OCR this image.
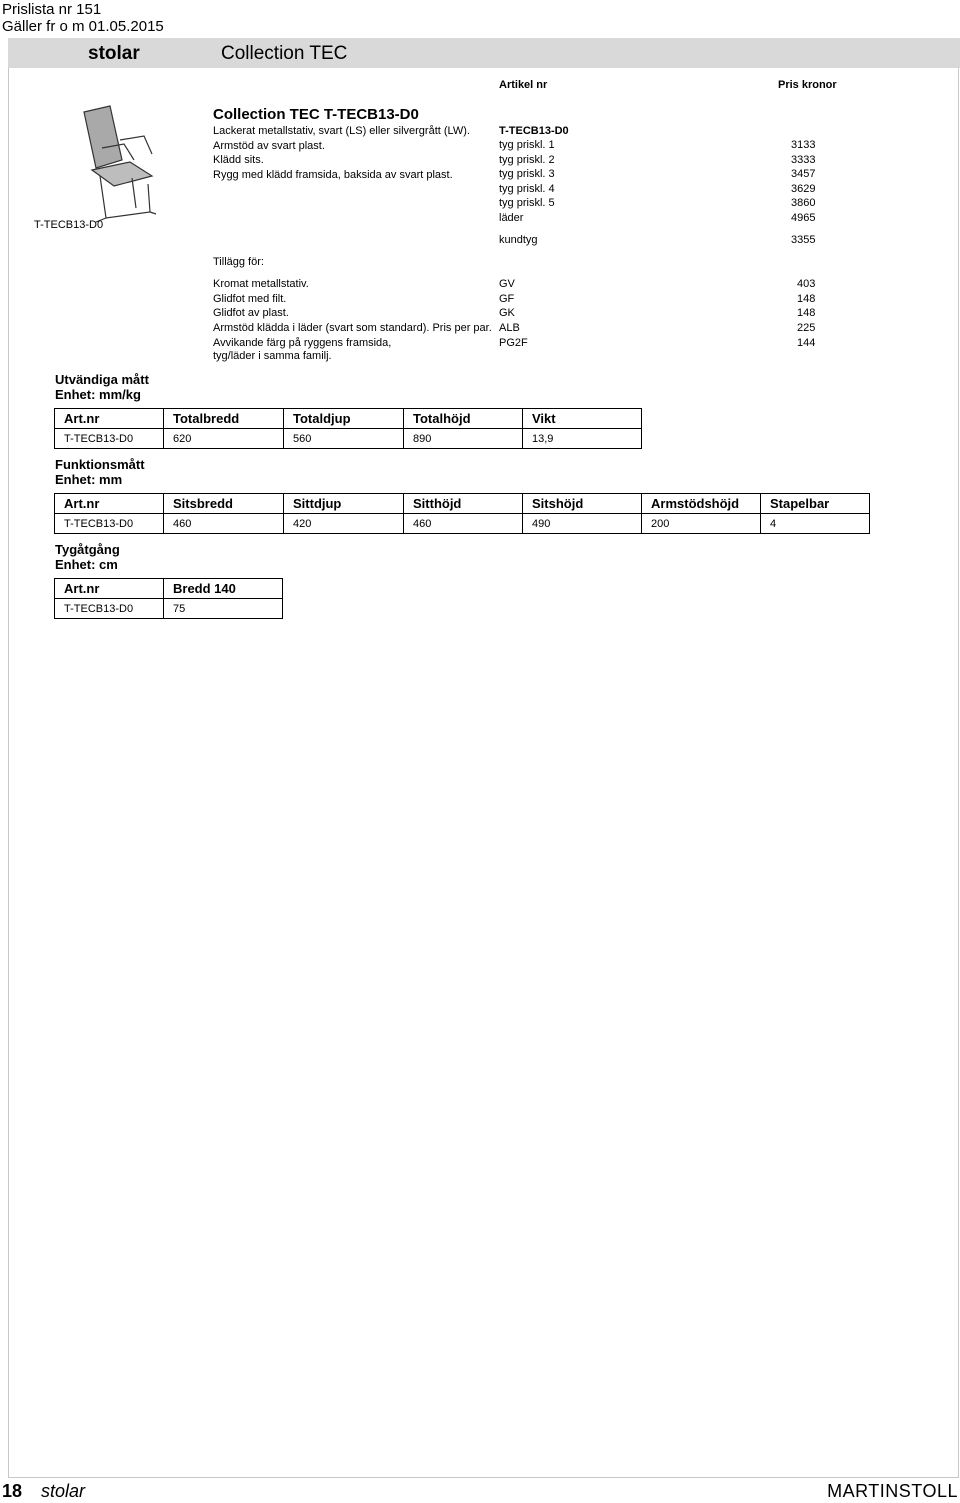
Prislista nr 151
Gäller fr o m 01.05.2015
stolar	Collection TEC
Artikel nr	Pris kronor
T-TECB13-D0
Collection TEC T-TECB13-D0
Lackerat metallstativ, svart (LS) eller silvergrått (LW).
Armstöd av svart plast.
Klädd sits.
Rygg med klädd framsida, baksida av svart plast.
T-TECB13-D0
tyg priskl. 1	3133
tyg priskl. 2	3333
tyg priskl. 3	3457
tyg priskl. 4	3629
tyg priskl. 5	3860
läder	4965
kundtyg	3355
Tillägg för:
Kromat metallstativ.	GV	403
Glidfot med filt.	GF	148
Glidfot av plast.	GK	148
Armstöd klädda i läder (svart som standard). Pris per par. ALB	225
Avvikande färg på ryggens framsida,
tyg/läder i samma familj.
PG2F	144
Utvändiga mått
Enhet: mm/kg
Art.nr	Totalbredd	Totaldjup	Totalhöjd	Vikt
T-TECB13-D0	620	560	890	13,9
Funktionsmått
Enhet: mm
Art.nr	Sitsbredd	Sittdjup	Sitthöjd	Sitshöjd	Armstödshöjd	Stapelbar
T-TECB13-D0	460	420	460	490	200	4
Tygåtgång
Enhet: cm
Art.nr	Bredd 140
T-TECB13-D0	75
18 stolar	MARTINSTOLL
